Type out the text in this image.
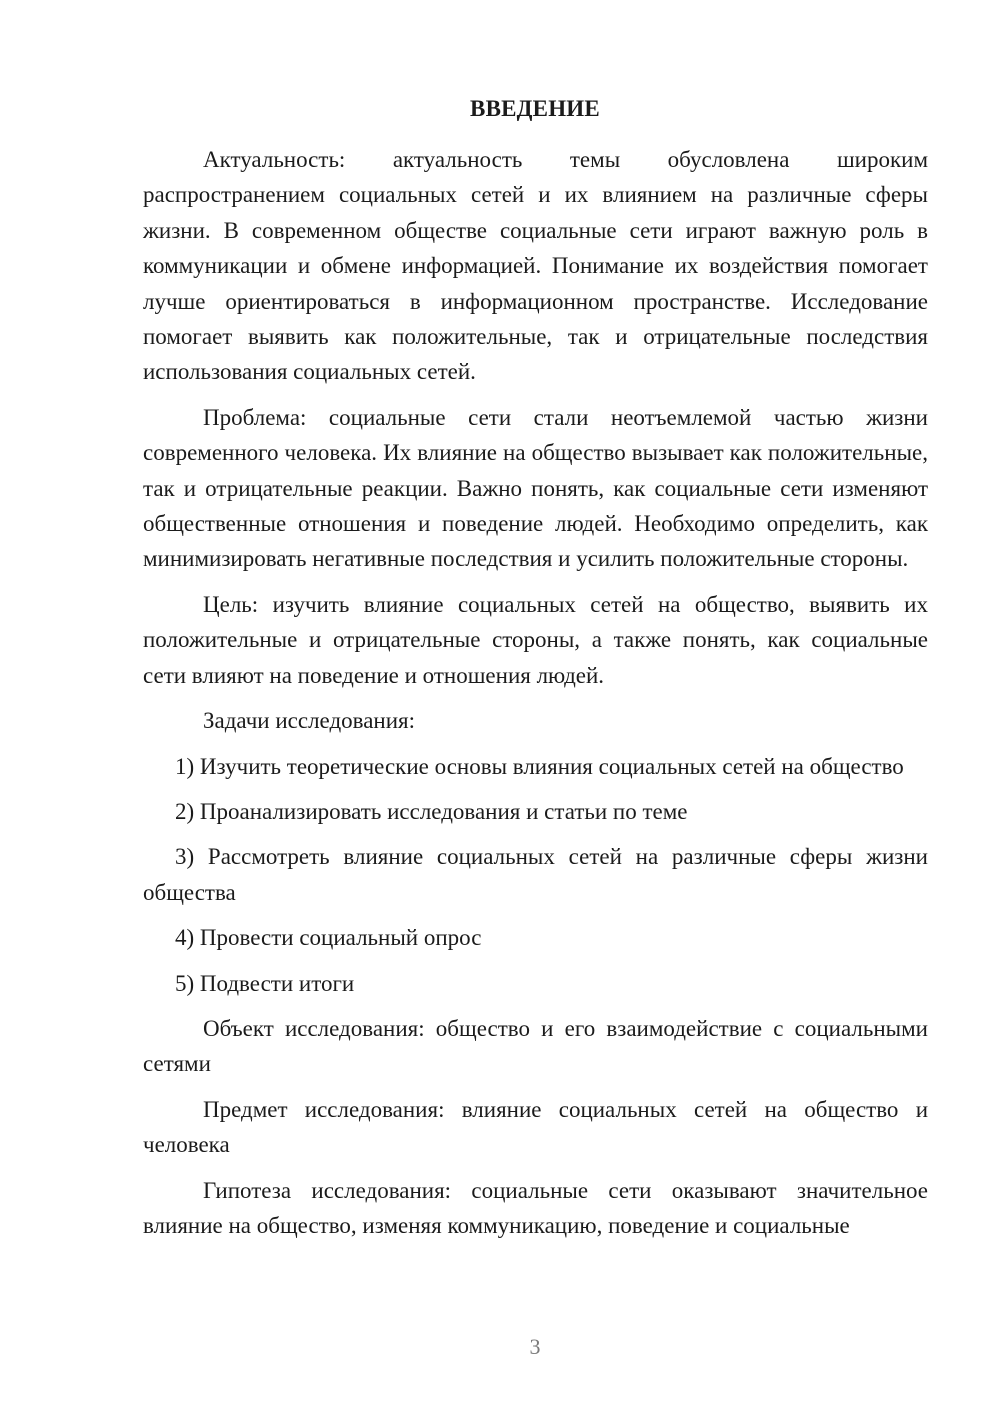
ВВЕДЕНИЕ

Актуальность: актуальность темы обусловлена широким распространением социальных сетей и их влиянием на различные сферы жизни. В современном обществе социальные сети играют важную роль в коммуникации и обмене информацией. Понимание их воздействия помогает лучше ориентироваться в информационном пространстве. Исследование помогает выявить как положительные, так и отрицательные последствия использования социальных сетей.

Проблема: социальные сети стали неотъемлемой частью жизни современного человека. Их влияние на общество вызывает как положительные, так и отрицательные реакции. Важно понять, как социальные сети изменяют общественные отношения и поведение людей. Необходимо определить, как минимизировать негативные последствия и усилить положительные стороны.

Цель: изучить влияние социальных сетей на общество, выявить их положительные и отрицательные стороны, а также понять, как социальные сети влияют на поведение и отношения людей.

Задачи исследования:

1) Изучить теоретические основы влияния социальных сетей на общество

2) Проанализировать исследования и статьи по теме

3) Рассмотреть влияние социальных сетей на различные сферы жизни общества

4) Провести социальный опрос

5) Подвести итоги

Объект исследования: общество и его взаимодействие с социальными сетями

Предмет исследования: влияние социальных сетей на общество и человека

Гипотеза исследования: социальные сети оказывают значительное влияние на общество, изменяя коммуникацию, поведение и социальные

3
